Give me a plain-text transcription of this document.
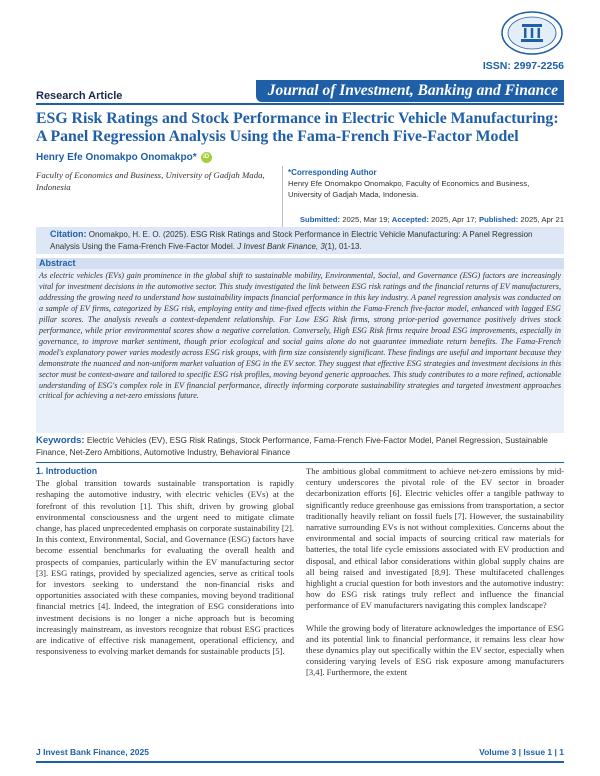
ISSN: 2997-2256
Research Article	Journal of Investment, Banking and Finance
ESG Risk Ratings and Stock Performance in Electric Vehicle Manufacturing: A Panel Regression Analysis Using the Fama-French Five-Factor Model
Henry Efe Onomakpo Onomakpo*	iD
Faculty of Economics and Business, University of Gadjah Mada, Indonesia
*Corresponding Author
Henry Efe Onomakpo Onomakpo, Faculty of Economics and Business, University of Gadjah Mada, Indonesia.
Submitted: 2025, Mar 19; Accepted: 2025, Apr 17; Published: 2025, Apr 21
Citation: Onomakpo, H. E. O. (2025). ESG Risk Ratings and Stock Performance in Electric Vehicle Manufacturing: A Panel Regression Analysis Using the Fama-French Five-Factor Model. J Invest Bank Finance, 3(1), 01-13.
Abstract

As electric vehicles (EVs) gain prominence in the global shift to sustainable mobility, Environmental, Social, and Governance (ESG) factors are increasingly vital for investment decisions in the automotive sector. This study investigated the link between ESG risk ratings and the financial returns of EV manufacturers, addressing the growing need to understand how sustainability impacts financial performance in this key industry. A panel regression analysis was conducted on a sample of EV firms, categorized by ESG risk, employing entity and time-fixed effects within the Fama-French five-factor model, enhanced with lagged ESG pillar scores. The analysis reveals a context-dependent relationship. For Low ESG Risk firms, strong prior-period governance positively drives stock performance, while prior environmental scores show a negative correlation. Conversely, High ESG Risk firms require broad ESG improvements, especially in governance, to improve market sentiment, though prior ecological and social gains alone do not guarantee immediate return benefits. The Fama-French model's explanatory power varies modestly across ESG risk groups, with firm size consistently significant. These findings are useful and important because they demonstrate the nuanced and non-uniform market valuation of ESG in the EV sector. They suggest that effective ESG strategies and investment decisions in this sector must be context-aware and tailored to specific ESG risk profiles, moving beyond generic approaches. This study contributes to a more refined, actionable understanding of ESG's complex role in EV financial performance, directly informing corporate sustainability strategies and targeted investment approaches critical for achieving a net-zero emissions future.

Keywords: Electric Vehicles (EV), ESG Risk Ratings, Stock Performance, Fama-French Five-Factor Model, Panel Regression, Sustainable Finance, Net-Zero Ambitions, Automotive Industry, Behavioral Finance
1. Introduction

The global transition towards sustainable transportation is rapidly reshaping the automotive industry, with electric vehicles (EVs) at the forefront of this revolution [1]. This shift, driven by growing global environmental consciousness and the urgent need to mitigate climate change, has placed unprecedented emphasis on corporate sustainability [2]. In this context, Environmental, Social, and Governance (ESG) factors have become essential benchmarks for evaluating the overall health and prospects of companies, particularly within the EV manufacturing sector [3]. ESG ratings, provided by specialized agencies, serve as critical tools for investors seeking to understand the non-financial risks and opportunities associated with these companies, moving beyond traditional financial metrics [4]. Indeed, the integration of ESG considerations into investment decisions is no longer a niche approach but is becoming increasingly mainstream, as investors recognize that robust ESG practices are indicative of effective risk management, operational efficiency, and responsiveness to evolving market demands for sustainable products [5].

The ambitious global commitment to achieve net-zero emissions by mid-century underscores the pivotal role of the EV sector in broader decarbonization efforts [6]. Electric vehicles offer a tangible pathway to significantly reduce greenhouse gas emissions from transportation, a sector traditionally heavily reliant on fossil fuels [7]. However, the sustainability narrative surrounding EVs is not without complexities. Concerns about the environmental and social impacts of sourcing critical raw materials for batteries, the total life cycle emissions associated with EV production and disposal, and ethical labor considerations within global supply chains are all being raised and investigated [8,9]. These multifaceted challenges highlight a crucial question for both investors and the automotive industry: how do ESG risk ratings truly reflect and influence the financial performance of EV manufacturers navigating this complex landscape?

While the growing body of literature acknowledges the importance of ESG and its potential link to financial performance, it remains less clear how these dynamics play out specifically within the EV sector, especially when considering varying levels of ESG risk exposure among manufacturers [3,4]. Furthermore, the extent

J Invest Bank Finance, 2025	Volume 3 | Issue 1 | 1
